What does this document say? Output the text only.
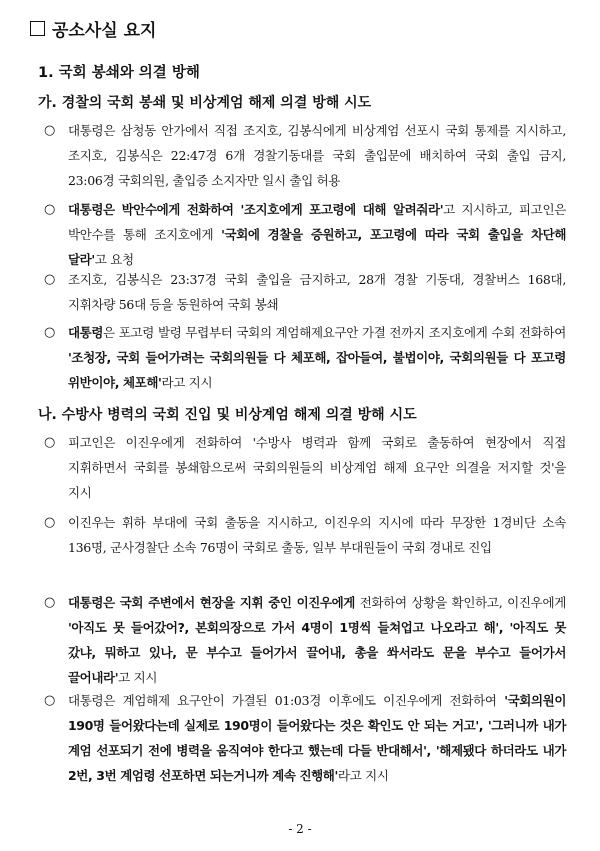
공소사실 요지
1. 국회 봉쇄와 의결 방해
가. 경찰의 국회 봉쇄 및 비상계엄 해제 의결 방해 시도
○	대통령은 삼청동 안가에서 직접 조지호, 김봉식에게 비상계엄 선포시 국회 통제를 지시하고, 조지호, 김봉식은 22:47경 6개 경찰기동대를 국회 출입문에 배치하여 국회 출입 금지, 23:06경 국회의원, 출입증 소지자만 일시 출입 허용
○	대통령은 박안수에게 전화하여 '조지호에게 포고령에 대해 알려줘라'고 지시하고, 피고인은 박안수를 통해 조지호에게 '국회에 경찰을 증원하고, 포고령에 따라 국회 출입을 차단해 달라'고 요청
○	조지호, 김봉식은 23:37경 국회 출입을 금지하고, 28개 경찰 기동대, 경찰버스 168대, 지휘차량 56대 등을 동원하여 국회 봉쇄
○	대통령은 포고령 발령 무렵부터 국회의 계엄해제요구안 가결 전까지 조지호에게 수회 전화하여 '조청장, 국회 들어가려는 국회의원들 다 체포해, 잡아들여, 불법이야, 국회의원들 다 포고령 위반이야, 체포해'라고 지시
나. 수방사 병력의 국회 진입 및 비상계엄 해제 의결 방해 시도
○	피고인은 이진우에게 전화하여 '수방사 병력과 함께 국회로 출동하여 현장에서 직접 지휘하면서 국회를 봉쇄함으로써 국회의원들의 비상계엄 해제 요구안 의결을 저지할 것'을 지시
○	이진우는 휘하 부대에 국회 출동을 지시하고, 이진우의 지시에 따라 무장한 1경비단 소속 136명, 군사경찰단 소속 76명이 국회로 출동, 일부 부대원들이 국회 경내로 진입
○	대통령은 국회 주변에서 현장을 지휘 중인 이진우에게 전화하여 상황을 확인하고, 이진우에게 '아직도 못 들어갔어?, 본회의장으로 가서 4명이 1명씩 들쳐업고 나오라고 해', '아직도 못 갔냐, 뭐하고 있나, 문 부수고 들어가서 끌어내, 총을 쏴서라도 문을 부수고 들어가서 끌어내라'고 지시
○	대통령은 계엄해제 요구안이 가결된 01:03경 이후에도 이진우에게 전화하여 '국회의원이 190명 들어왔다는데 실제로 190명이 들어왔다는 것은 확인도 안 되는 거고', '그러니까 내가 계엄 선포되기 전에 병력을 움직여야 한다고 했는데 다들 반대해서', '해제됐다 하더라도 내가 2번, 3번 계엄령 선포하면 되는거니까 계속 진행해'라고 지시
- 2 -
